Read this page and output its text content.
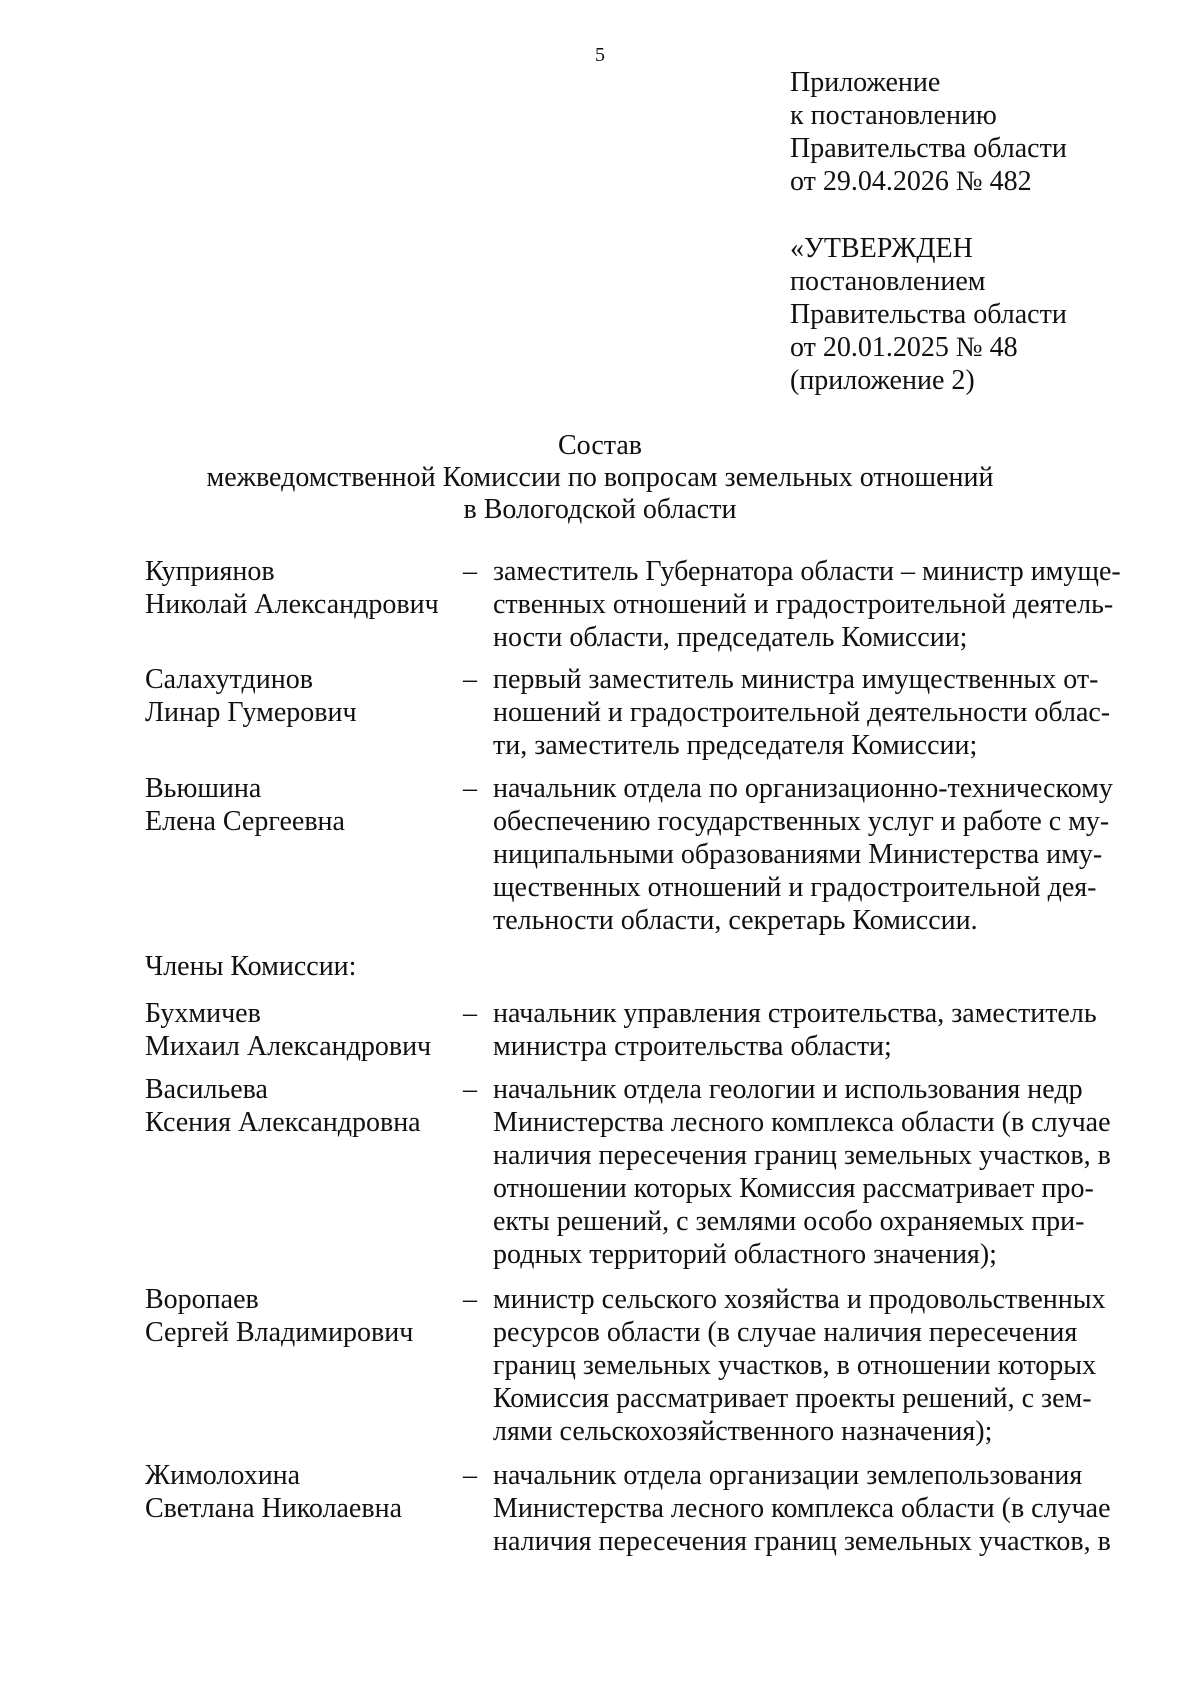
5
Приложение
к постановлению
Правительства области
от 29.04.2026 № 482
«УТВЕРЖДЕН
постановлением
Правительства области
от 20.01.2025 № 48
(приложение 2)
Состав
межведомственной Комиссии по вопросам земельных отношений
в Вологодской области
Куприянов
Николай Александрович
– заместитель Губернатора области – министр имуще-
ственных отношений и градостроительной деятель-
ности области, председатель Комиссии;
Салахутдинов
Линар Гумерович
– первый заместитель министра имущественных от-
ношений и градостроительной деятельности облас-
ти, заместитель председателя Комиссии;
Вьюшина
Елена Сергеевна
– начальник отдела по организационно-техническому
обеспечению государственных услуг и работе с му-
ниципальными образованиями Министерства иму-
щественных отношений и градостроительной дея-
тельности области, секретарь Комиссии.
Члены Комиссии:
Бухмичев
Михаил Александрович
– начальник управления строительства, заместитель
министра строительства области;
Васильева
Ксения Александровна
– начальник отдела геологии и использования недр
Министерства лесного комплекса области (в случае
наличия пересечения границ земельных участков, в
отношении которых Комиссия рассматривает про-
екты решений, с землями особо охраняемых при-
родных территорий областного значения);
Воропаев
Сергей Владимирович
– министр сельского хозяйства и продовольственных
ресурсов области (в случае наличия пересечения
границ земельных участков, в отношении которых
Комиссия рассматривает проекты решений, с зем-
лями сельскохозяйственного назначения);
Жимолохина
Светлана Николаевна
– начальник отдела организации землепользования
Министерства лесного комплекса области (в случае
наличия пересечения границ земельных участков, в
